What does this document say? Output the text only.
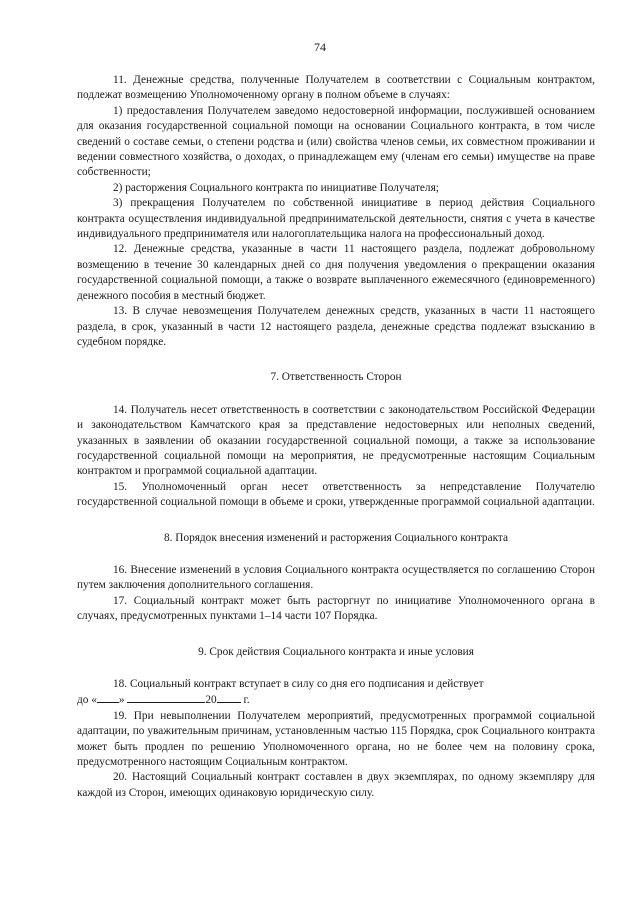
74

11. Денежные средства, полученные Получателем в соответствии с Социальным контрактом, подлежат возмещению Уполномоченному органу в полном объеме в случаях:

1) предоставления Получателем заведомо недостоверной информации, послужившей основанием для оказания государственной социальной помощи на основании Социального контракта, в том числе сведений о составе семьи, о степени родства и (или) свойства членов семьи, их совместном проживании и ведении совместного хозяйства, о доходах, о принадлежащем ему (членам его семьи) имуществе на праве собственности;

2) расторжения Социального контракта по инициативе Получателя;

3) прекращения Получателем по собственной инициативе в период действия Социального контракта осуществления индивидуальной предпринимательской деятельности, снятия с учета в качестве индивидуального предпринимателя или налогоплательщика налога на профессиональный доход.

12. Денежные средства, указанные в части 11 настоящего раздела, подлежат добровольному возмещению в течение 30 календарных дней со дня получения уведомления о прекращении оказания государственной социальной помощи, а также о возврате выплаченного ежемесячного (единовременного) денежного пособия в местный бюджет.

13. В случае невозмещения Получателем денежных средств, указанных в части 11 настоящего раздела, в срок, указанный в части 12 настоящего раздела, денежные средства подлежат взысканию в судебном порядке.

7. Ответственность Сторон

14. Получатель несет ответственность в соответствии с законодательством Российской Федерации и законодательством Камчатского края за представление недостоверных или неполных сведений, указанных в заявлении об оказании государственной социальной помощи, а также за использование государственной социальной помощи на мероприятия, не предусмотренные настоящим Социальным контрактом и программой социальной адаптации.

15. Уполномоченный орган несет ответственность за непредставление Получателю государственной социальной помощи в объеме и сроки, утвержденные программой социальной адаптации.

8. Порядок внесения изменений и расторжения Социального контракта

16. Внесение изменений в условия Социального контракта осуществляется по соглашению Сторон путем заключения дополнительного соглашения.

17. Социальный контракт может быть расторгнут по инициативе Уполномоченного органа в случаях, предусмотренных пунктами 1–14 части 107 Порядка.

9. Срок действия Социального контракта и иные условия

18. Социальный контракт вступает в силу со дня его подписания и действует

до « »	20 г.

19. При невыполнении Получателем мероприятий, предусмотренных программой социальной адаптации, по уважительным причинам, установленным частью 115 Порядка, срок Социального контракта может быть продлен по решению Уполномоченного органа, но не более чем на половину срока, предусмотренного настоящим Социальным контрактом.

20. Настоящий Социальный контракт составлен в двух экземплярах, по одному экземпляру для каждой из Сторон, имеющих одинаковую юридическую силу.
